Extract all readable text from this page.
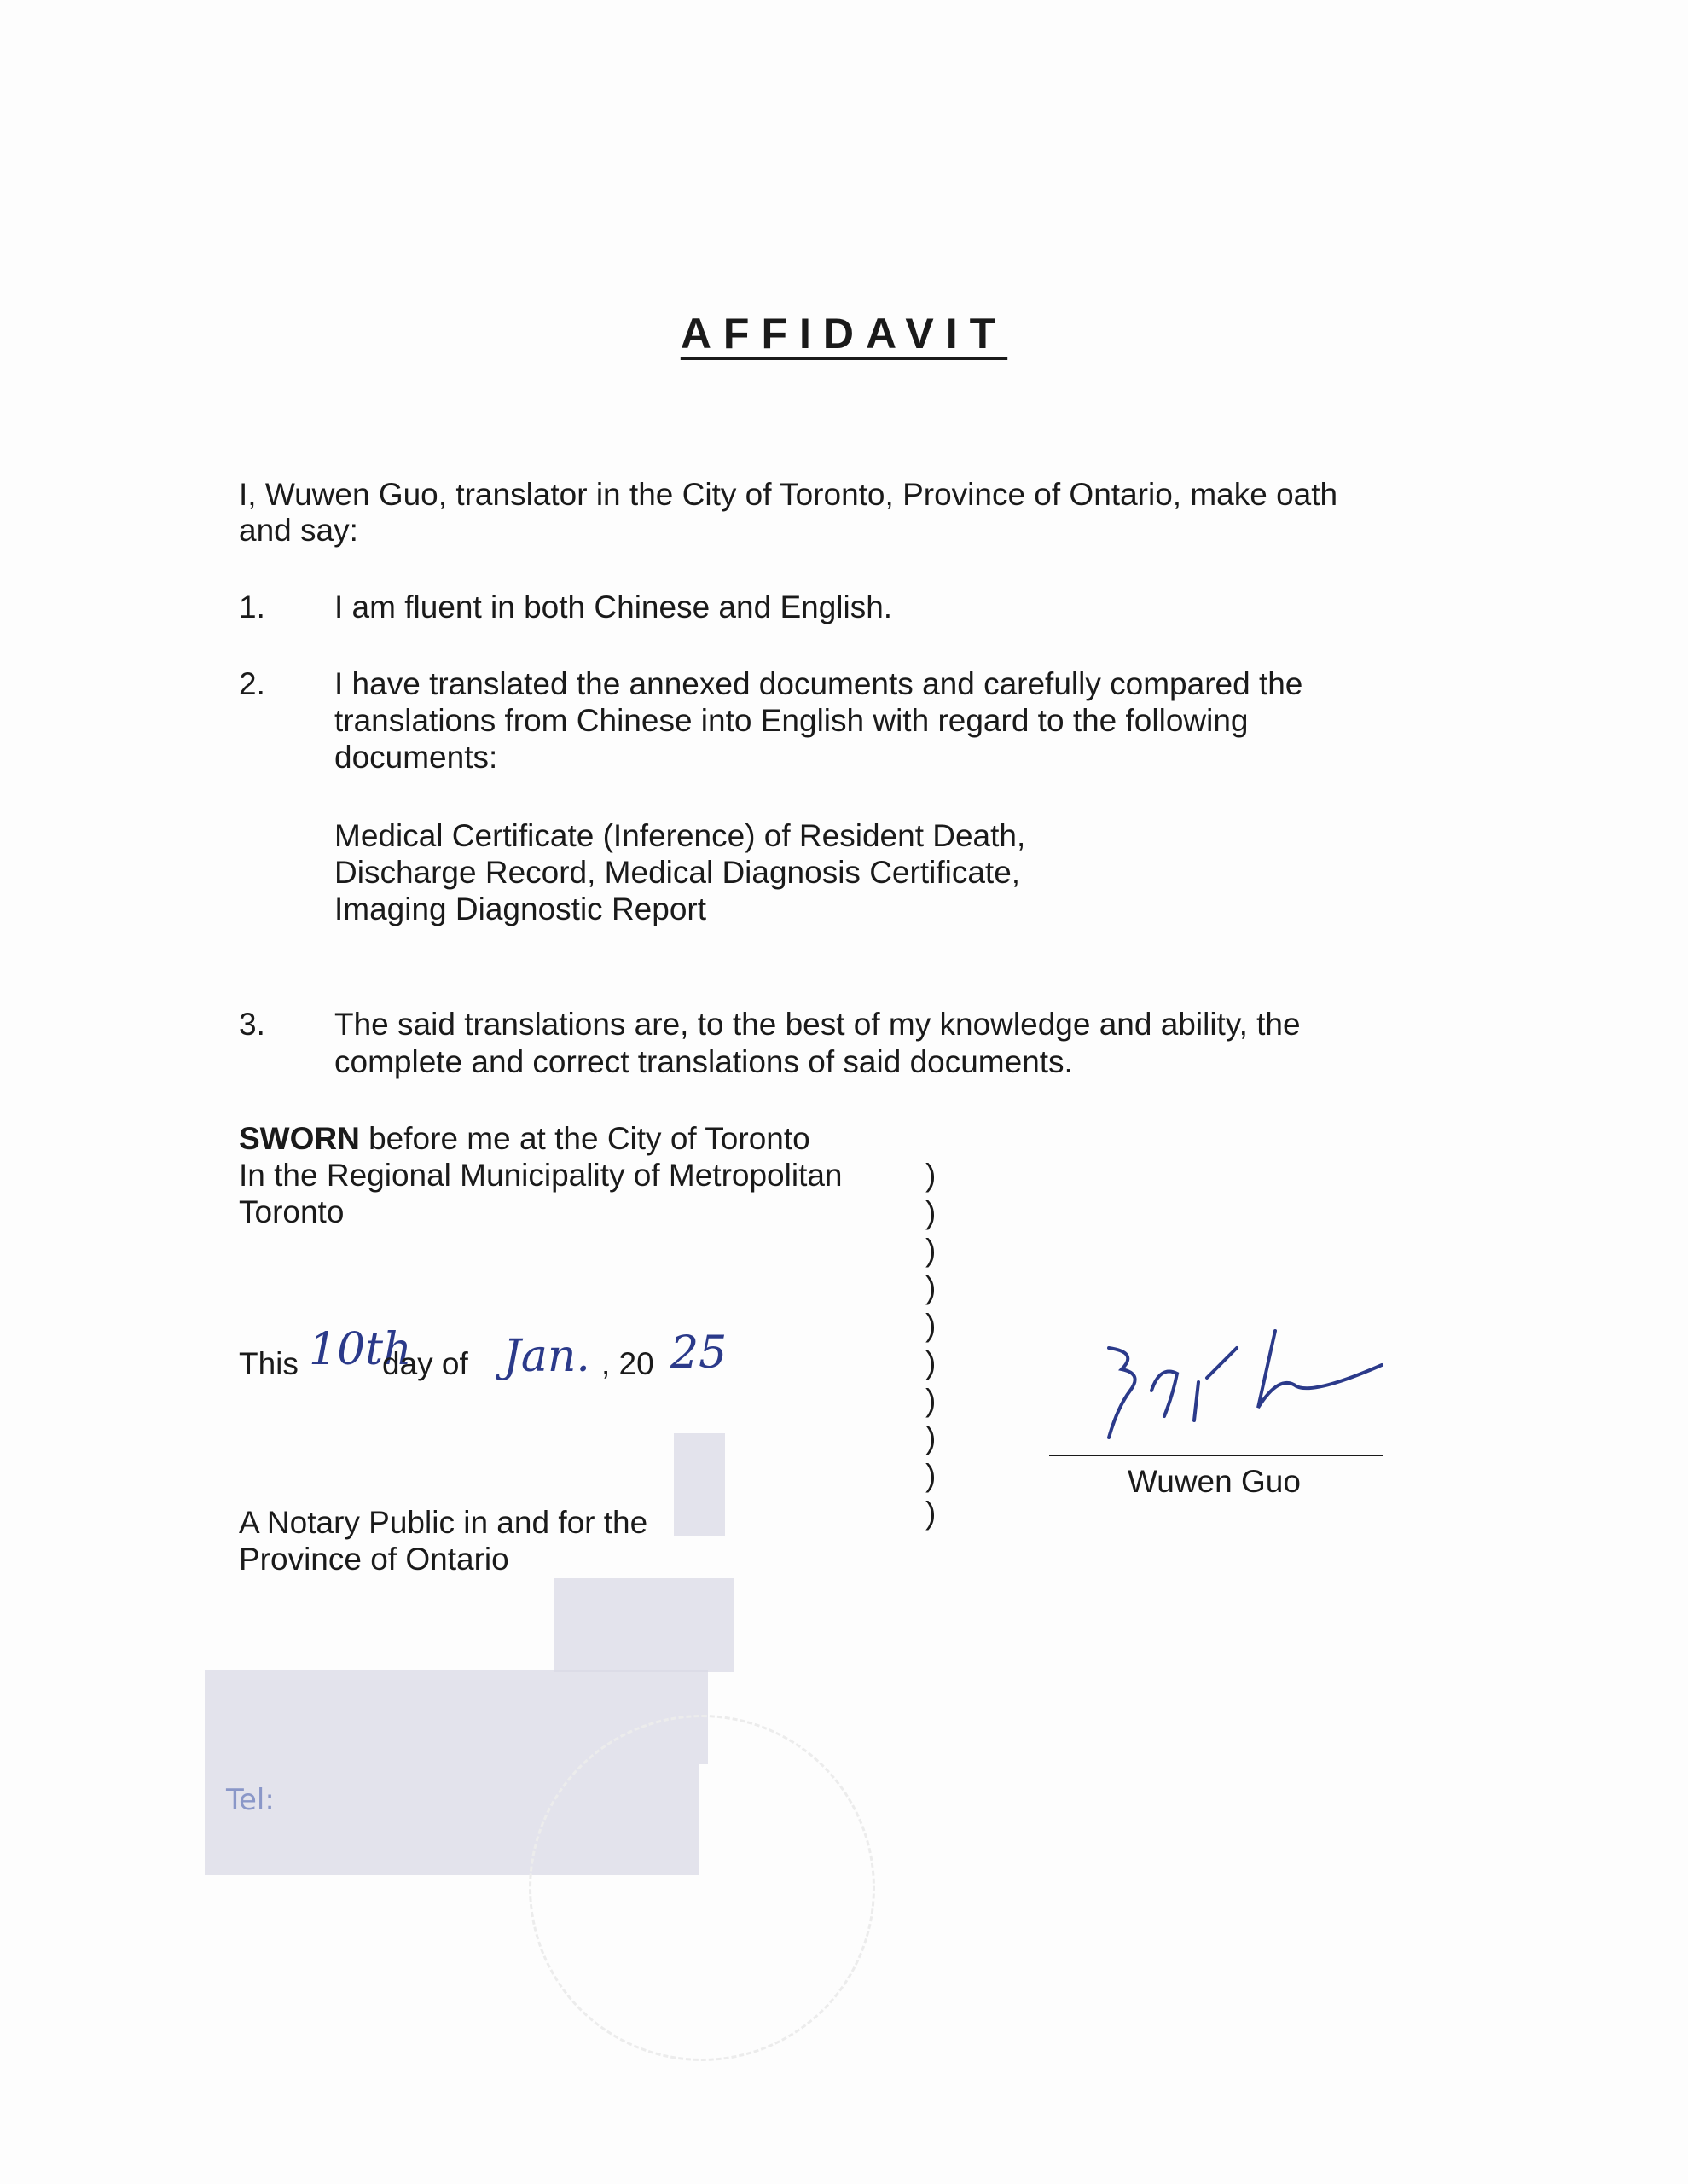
AFFIDAVIT
I, Wuwen Guo, translator in the City of Toronto, Province of Ontario, make oath
and say:
1. I am fluent in both Chinese and English.
2. I have translated the annexed documents and carefully compared the
translations from Chinese into English with regard to the following
documents:
Medical Certificate (Inference) of Resident Death,
Discharge Record, Medical Diagnosis Certificate,
Imaging Diagnostic Report
3. The said translations are, to the best of my knowledge and ability, the
complete and correct translations of said documents.
SWORN before me at the City of Toronto
In the Regional Municipality of Metropolitan
Toronto
)
)
)
)
)
)
)
)
)
)
This 10th
day of Jan. , 20 25
Wuwen Guo
A Notary Public in and for the
Province of Ontario
Tel:
